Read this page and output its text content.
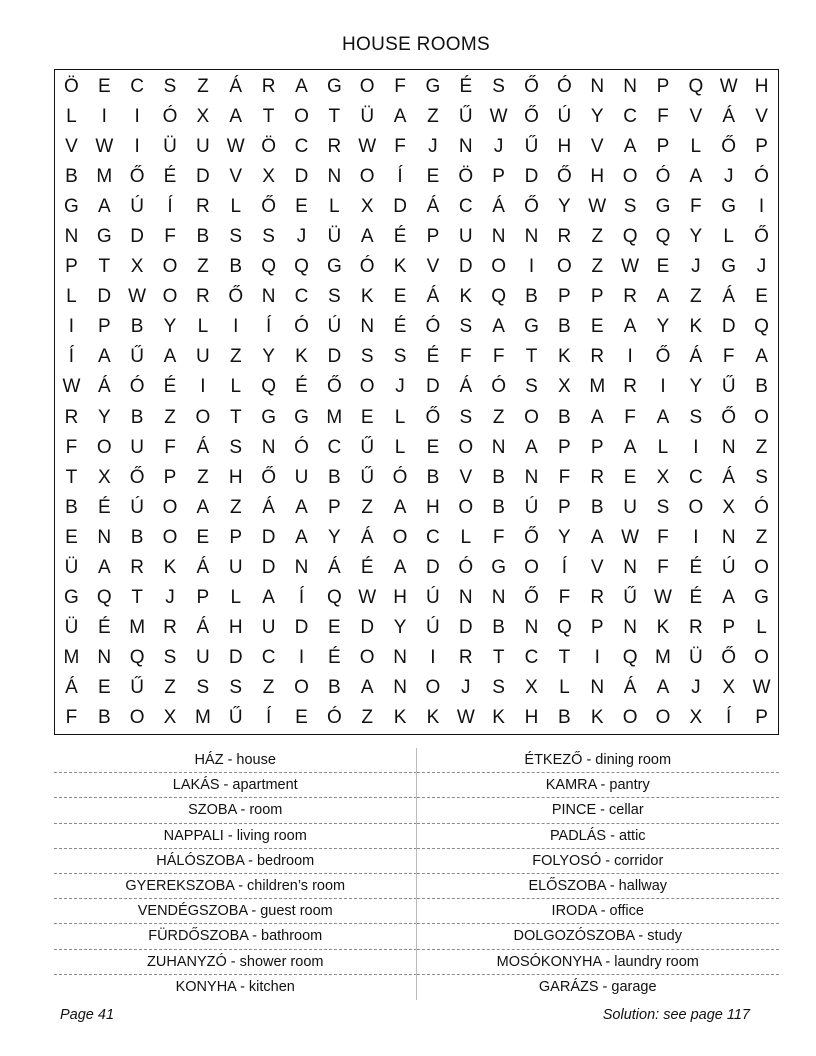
HOUSE ROOMS
Ö	E	C	S	Z	Á	R	A	G O	F	G	É	S	Ő Ó N	N	P	Q W H
L	I	I	Ó	X	A	T	O	T	Ü	A	Z	Ű W Ő Ú	Y	C	F	V	Á	V
V W	I	Ü	U W Ö C	R W F	J	N	J	Ű	H	V	A	P	L	Ő	P
B M Ő	É	D	V	X	D	N O	Í	E	Ö	P	D Ő H O Ó	A	J	Ó
G	A	Ú	Í	R	L	Ő	E	L	X	D	Á	C	Á	Ő	Y W S	G	F	G	I
N G D	F	B	S	S	J	Ü	A	É	P	U	N	N	R	Z	Q Q	Y	L	Ő
P	T	X	O	Z	B	Q Q G Ó	K	V	D O	I	O	Z W E	J	G	J
L	D W O R Ő N	C	S	K	E	Á	K	Q	B	P	P	R	A	Z	Á	E
I	P	B	Y	L	I	Í	Ó Ú	N	É	Ó	S	A	G	B	E	A	Y	K	D Q
Í	A	Ű	A	U	Z	Y	K	D	S	S	É	F	F	T	K	R	I	Ő	Á	F	A
W Á	Ó	É	I	L	Q	É	Ő O	J	D	Á	Ó	S	X M R	I	Y	Ű	B
R	Y	B	Z	O	T	G G M E	L	Ő	S	Z	O	B	A	F	A	S	Ő O
F	O U	F	Á	S	N Ó C	Ű	L	E	O N	A	P	P	A	L	I	N	Z
T	X	Ő	P	Z	H Ő U	B	Ű Ó	B	V	B	N	F	R	E	X	C	Á	S
B	É	Ú O	A	Z	Á	A	P	Z	A	H O	B	Ú	P	B	U	S	O	X	Ó
E	N	B	O	E	P	D	A	Y	Á	O C	L	F	Ő	Y	A W F	I	N	Z
Ü	A	R	K	Á	U	D	N	Á	É	A	D Ó G O	Í	V	N	F	É	Ú O
G Q	T	J	P	L	A	Í	Q W H	Ú	N	N Ő	F	R	Ű W É	A	G
Ü	É M R	Á	H	U	D	E	D	Y	Ú	D	B	N Q	P	N	K	R	P	L
M N Q	S	U	D	C	I	É	O N	I	R	T	C	T	I	Q M Ü Ő O
Á	E	Ű	Z	S	S	Z	O	B	A	N O	J	S	X	L	N	Á	A	J	X W
F	B	O	X M Ű	Í	E	Ó	Z	K	K W K	H	B	K	O O	X	Í	P
HÁZ - house
LAKÁS - apartment
SZOBA - room
NAPPALI - living room
HÁLÓSZOBA - bedroom
GYEREKSZOBA - children’s room
VENDÉGSZOBA - guest room
FÜRDŐSZOBA - bathroom
ZUHANYZÓ - shower room
KONYHA - kitchen
ÉTKEZŐ - dining room
KAMRA - pantry
PINCE - cellar
PADLÁS - attic
FOLYOSÓ - corridor
ELŐSZOBA - hallway
IRODA - office
DOLGOZÓSZOBA - study
MOSÓKONYHA - laundry room
GARÁZS - garage
Page 41	Solution: see page 117
